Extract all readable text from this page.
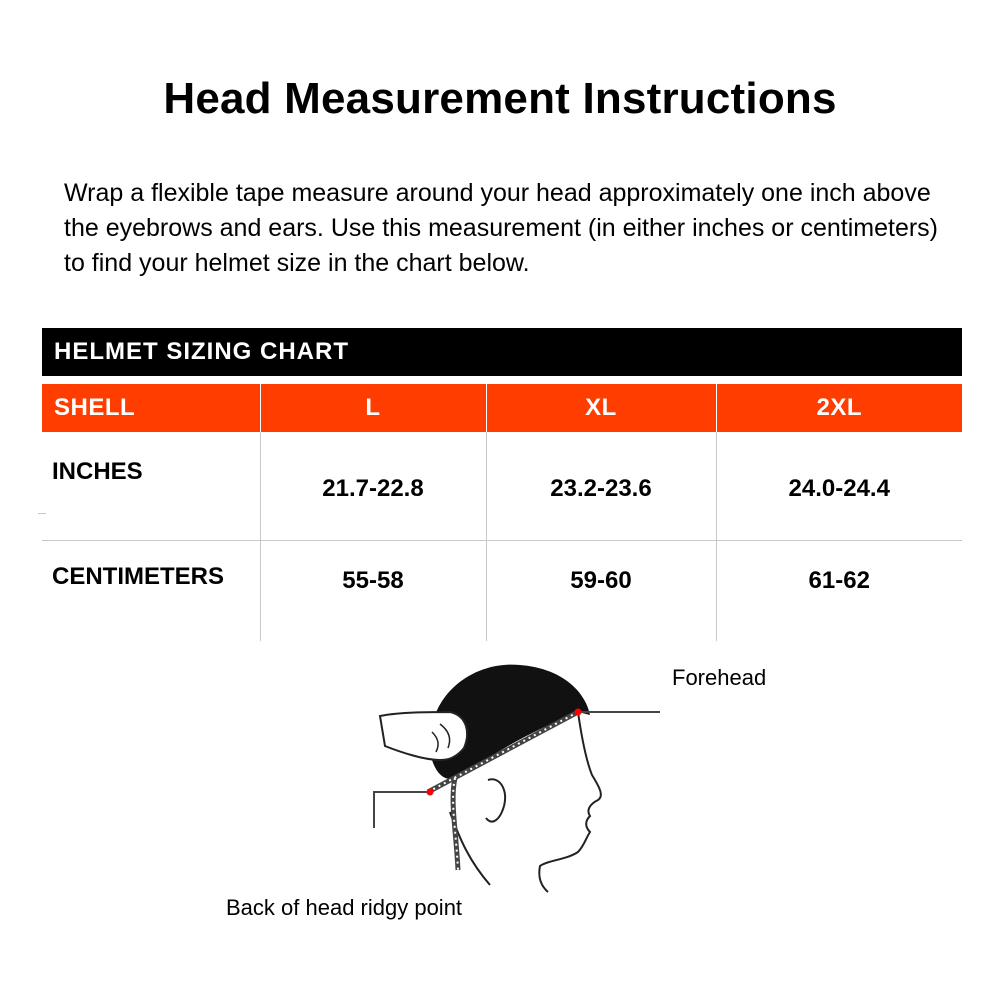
Head Measurement Instructions
Wrap a flexible tape measure around your head approximately one inch above the eyebrows and ears. Use this measurement (in either inches or centimeters) to find your helmet size in the chart below.
HELMET SIZING CHART
SHELL	L	XL	2XL
INCHES	21.7-22.8	23.2-23.6	24.0-24.4
CENTIMETERS	55-58	59-60	61-62
Forehead
Back of head ridgy point
